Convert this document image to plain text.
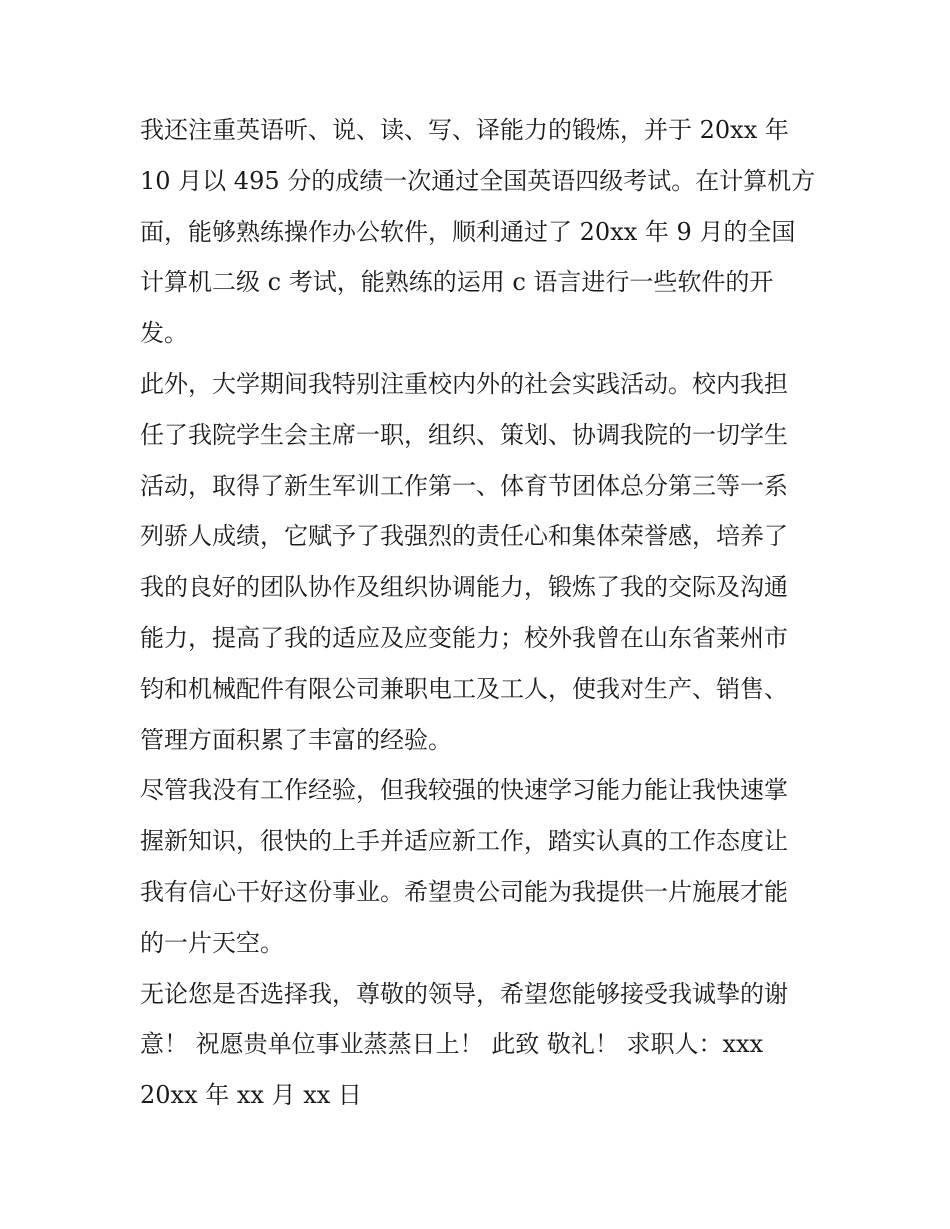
我还注重英语听、说、读、写、译能力的锻炼，并于 20xx 年
10 月以 495 分的成绩一次通过全国英语四级考试。在计算机方
面，能够熟练操作办公软件，顺利通过了 20xx 年 9 月的全国
计算机二级 c 考试，能熟练的运用 c 语言进行一些软件的开
发。

此外，大学期间我特别注重校内外的社会实践活动。校内我担
任了我院学生会主席一职，组织、策划、协调我院的一切学生
活动，取得了新生军训工作第一、体育节团体总分第三等一系
列骄人成绩，它赋予了我强烈的责任心和集体荣誉感，培养了
我的良好的团队协作及组织协调能力，锻炼了我的交际及沟通
能力，提高了我的适应及应变能力；校外我曾在山东省莱州市
钧和机械配件有限公司兼职电工及工人，使我对生产、销售、
管理方面积累了丰富的经验。

尽管我没有工作经验，但我较强的快速学习能力能让我快速掌
握新知识，很快的上手并适应新工作，踏实认真的工作态度让
我有信心干好这份事业。希望贵公司能为我提供一片施展才能
的一片天空。

无论您是否选择我，尊敬的领导，希望您能够接受我诚挚的谢
意！ 祝愿贵单位事业蒸蒸日上！ 此致 敬礼！ 求职人：xxx
20xx 年 xx 月 xx 日
